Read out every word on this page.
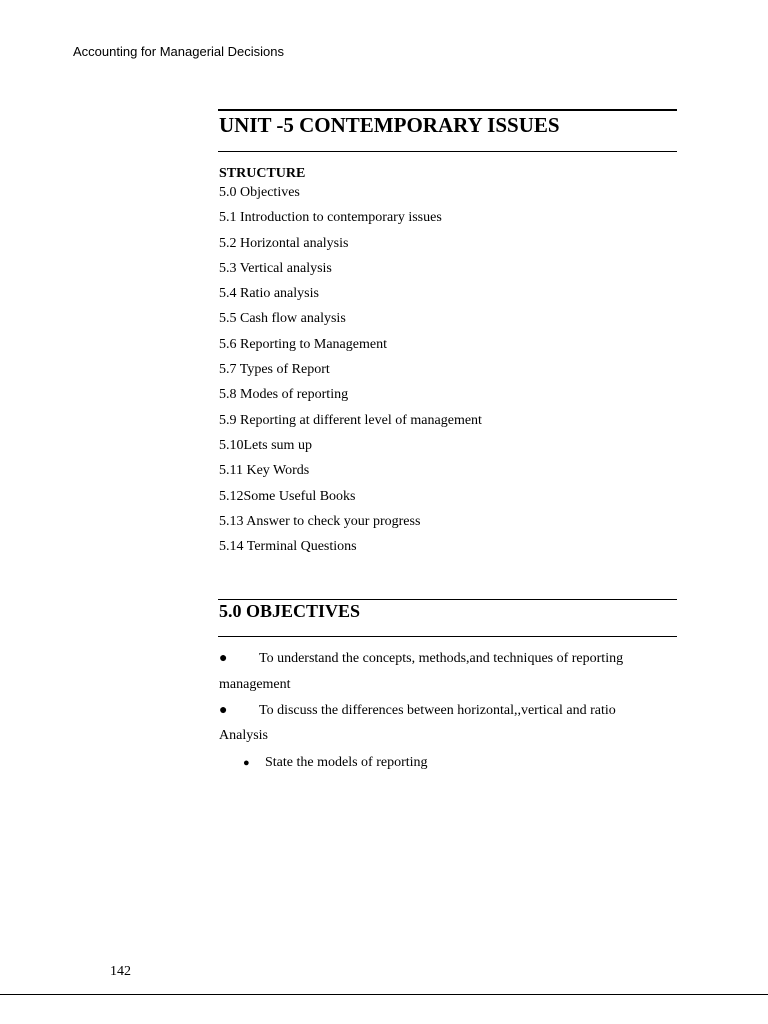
Accounting for Managerial Decisions
UNIT -5 CONTEMPORARY ISSUES
STRUCTURE
5.0 Objectives
5.1 Introduction to contemporary issues
5.2 Horizontal analysis
5.3 Vertical analysis
5.4 Ratio analysis
5.5 Cash flow analysis
5.6 Reporting to Management
5.7 Types of Report
5.8 Modes of reporting
5.9 Reporting at different level of management
5.10Lets sum up
5.11 Key Words
5.12Some Useful Books
5.13 Answer to check your progress
5.14 Terminal Questions
5.0 OBJECTIVES
● To understand the concepts, methods,and techniques of reporting
management
● To discuss the differences between horizontal,,vertical and ratio
Analysis
● State the models of reporting
142
